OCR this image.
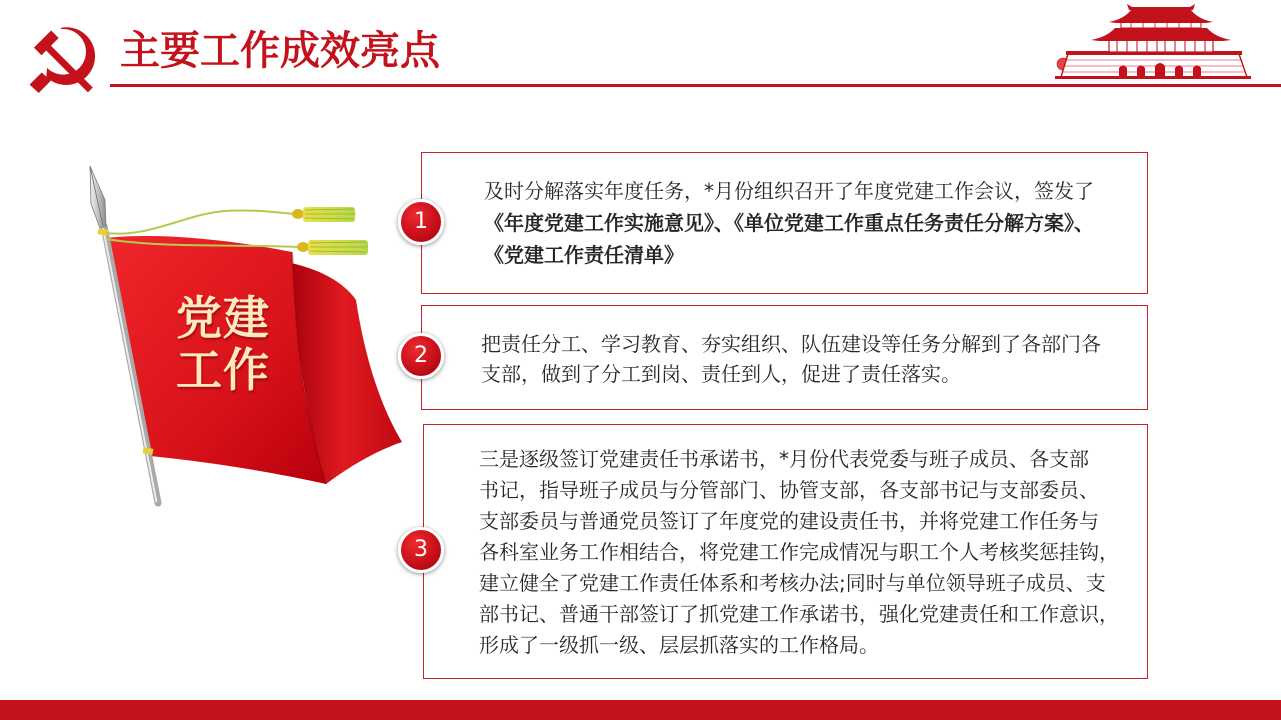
主要工作成效亮点
党建
工作
及时分解落实年度任务，*月份组织召开了年度党建工作会议，签发了
《年度党建工作实施意见》、《单位党建工作重点任务责任分解方案》、
《党建工作责任清单》
把责任分工、学习教育、夯实组织、队伍建设等任务分解到了各部门各
支部，做到了分工到岗、责任到人，促进了责任落实。
三是逐级签订党建责任书承诺书，*月份代表党委与班子成员、各支部
书记，指导班子成员与分管部门、协管支部，各支部书记与支部委员、
支部委员与普通党员签订了年度党的建设责任书，并将党建工作任务与
各科室业务工作相结合，将党建工作完成情况与职工个人考核奖惩挂钩，
建立健全了党建工作责任体系和考核办法;同时与单位领导班子成员、支
部书记、普通干部签订了抓党建工作承诺书，强化党建责任和工作意识，
形成了一级抓一级、层层抓落实的工作格局。
1
2
3
